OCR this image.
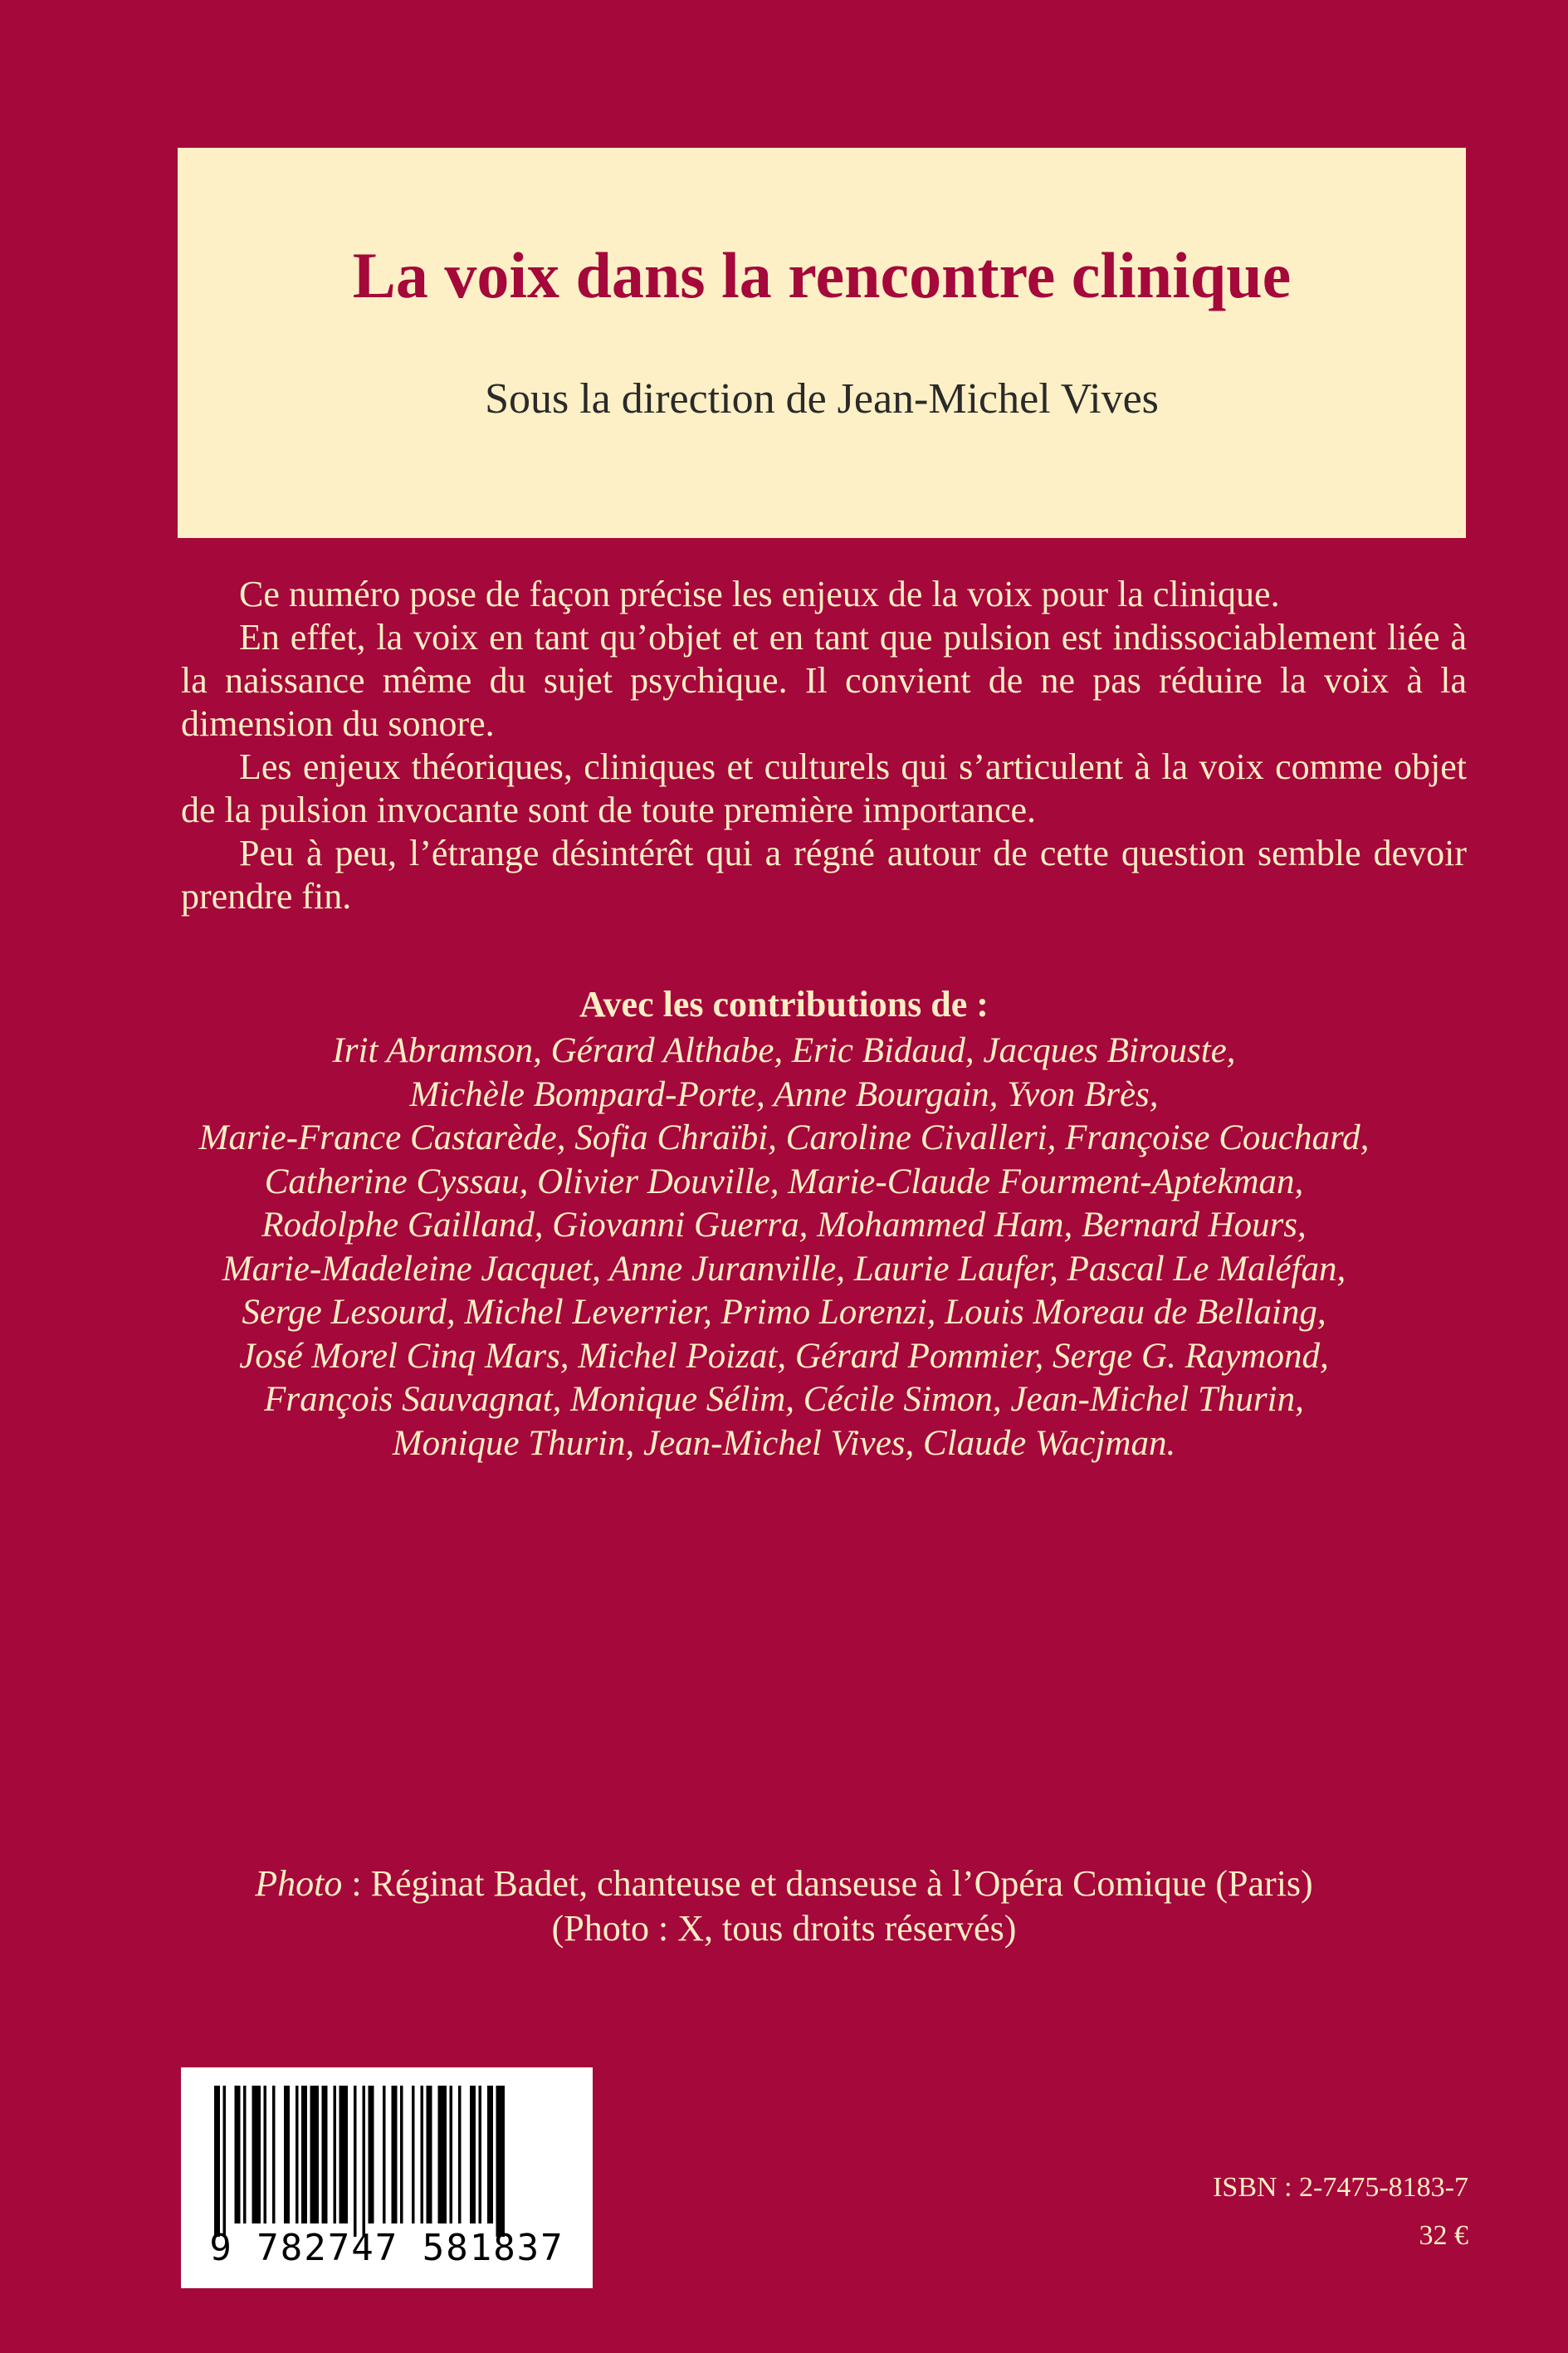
La voix dans la rencontre clinique
Sous la direction de Jean-Michel Vives

Ce numéro pose de façon précise les enjeux de la voix pour la clinique.

En effet, la voix en tant qu’objet et en tant que pulsion est indissociablement liée à la naissance même du sujet psychique. Il convient de ne pas réduire la voix à la dimension du sonore.

Les enjeux théoriques, cliniques et culturels qui s’articulent à la voix comme objet de la pulsion invocante sont de toute première importance.

Peu à peu, l’étrange désintérêt qui a régné autour de cette question semble devoir prendre fin.

Avec les contributions de :
Irit Abramson, Gérard Althabe, Eric Bidaud, Jacques Birouste,
Michèle Bompard-Porte, Anne Bourgain, Yvon Brès,
Marie-France Castarède, Sofia Chraïbi, Caroline Civalleri, Françoise Couchard,
Catherine Cyssau, Olivier Douville, Marie-Claude Fourment-Aptekman,
Rodolphe Gailland, Giovanni Guerra, Mohammed Ham, Bernard Hours,
Marie-Madeleine Jacquet, Anne Juranville, Laurie Laufer, Pascal Le Maléfan,
Serge Lesourd, Michel Leverrier, Primo Lorenzi, Louis Moreau de Bellaing,
José Morel Cinq Mars, Michel Poizat, Gérard Pommier, Serge G. Raymond,
François Sauvagnat, Monique Sélim, Cécile Simon, Jean-Michel Thurin,
Monique Thurin, Jean-Michel Vives, Claude Wacjman.
Photo : Réginat Badet, chanteuse et danseuse à l’Opéra Comique (Paris)
(Photo : X, tous droits réservés)
9 782747 581837
ISBN : 2-7475-8183-7
32 €
